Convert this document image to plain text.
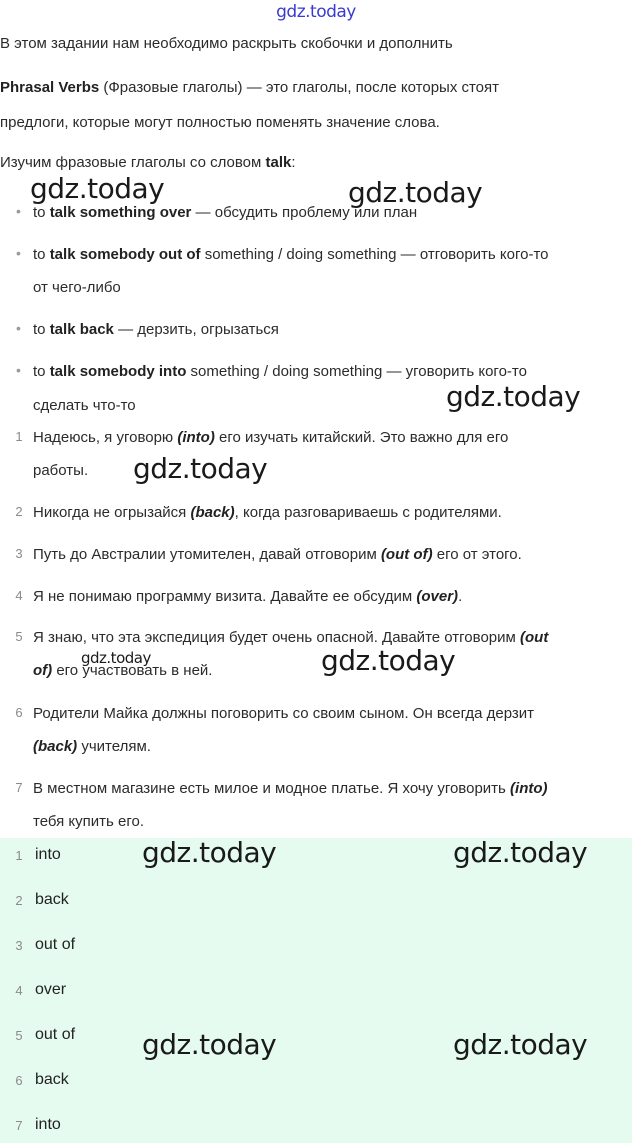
gdz.today
В этом задании нам необходимо раскрыть скобочки и дополнить
Phrasal Verbs (Фразовые глаголы) — это глаголы, после которых стоят
предлоги, которые могут полностью поменять значение слова.
Изучим фразовые глаголы со словом talk:
• to talk something over — обсудить проблему или план
• to talk somebody out of something / doing something — отговорить кого-то
от чего-либо
• to talk back — дерзить, огрызаться
• to talk somebody into something / doing something — уговорить кого-то
сделать что-то
1 Надеюсь, я уговорю (into) его изучать китайский. Это важно для его
работы.
2 Никогда не огрызайся (back), когда разговариваешь с родителями.
3 Путь до Австралии утомителен, давай отговорим (out of) его от этого.
4 Я не понимаю программу визита. Давайте ее обсудим (over).
5 Я знаю, что эта экспедиция будет очень опасной. Давайте отговорим (out
of) его участвовать в ней.
6 Родители Майка должны поговорить со своим сыном. Он всегда дерзит
(back) учителям.
7 В местном магазине есть милое и модное платье. Я хочу уговорить (into)
тебя купить его.
1 into
2 back
3 out of
4 over
5 out of
6 back
7 into
gdz.today	gdz.today
gdz.today
gdz.today
gdz.today	gdz.today
gdz.today	gdz.today
gdz.today	gdz.today
